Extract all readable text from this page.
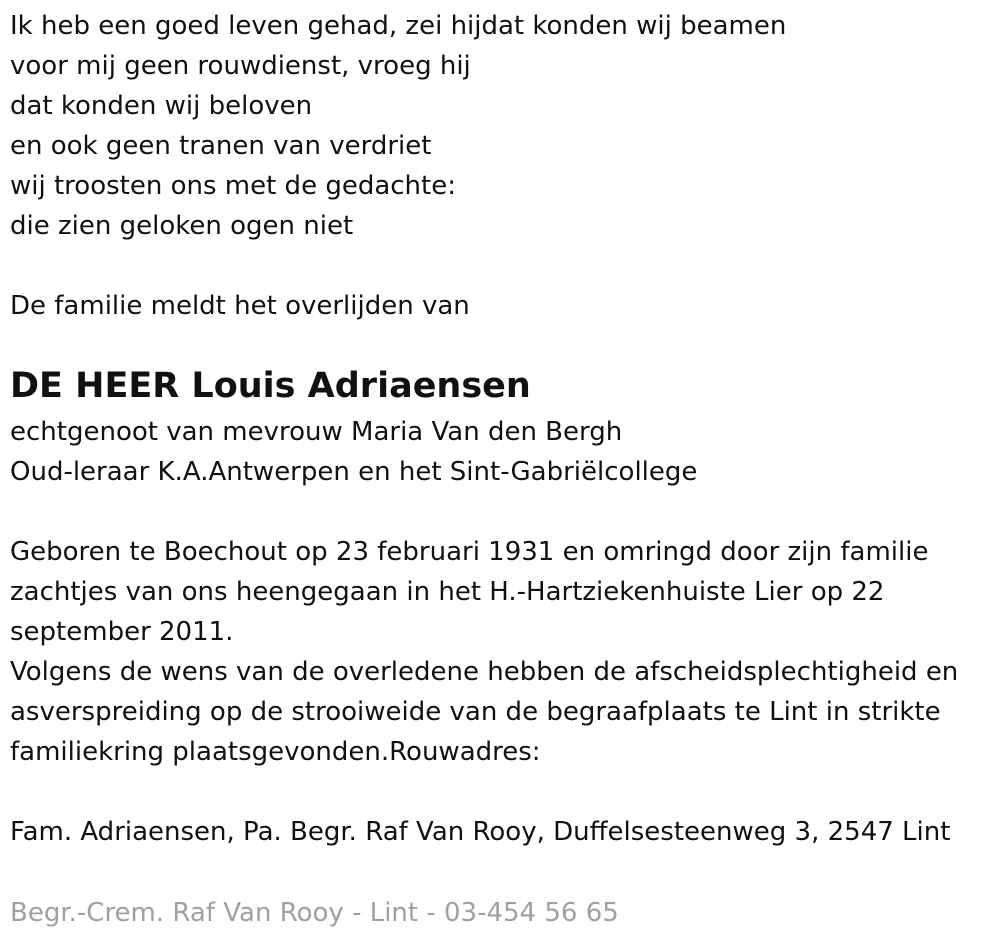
Ik heb een goed leven gehad, zei hijdat konden wij beamen

voor mij geen rouwdienst, vroeg hij

dat konden wij beloven

en ook geen tranen van verdriet

wij troosten ons met de gedachte:

die zien geloken ogen niet

De familie meldt het overlijden van

DE HEER Louis Adriaensen

echtgenoot van mevrouw Maria Van den Bergh

Oud-leraar K.A.Antwerpen en het Sint-Gabriëlcollege

Geboren te Boechout op 23 februari 1931 en omringd door zijn familie

zachtjes van ons heengegaan in het H.-Hartziekenhuiste Lier op 22

september 2011.

Volgens de wens van de overledene hebben de afscheidsplechtigheid en

asverspreiding op de strooiweide van de begraafplaats te Lint in strikte

familiekring plaatsgevonden.Rouwadres:

Fam. Adriaensen, Pa. Begr. Raf Van Rooy, Duffelsesteenweg 3, 2547 Lint

Begr.-Crem. Raf Van Rooy - Lint - 03-454 56 65
